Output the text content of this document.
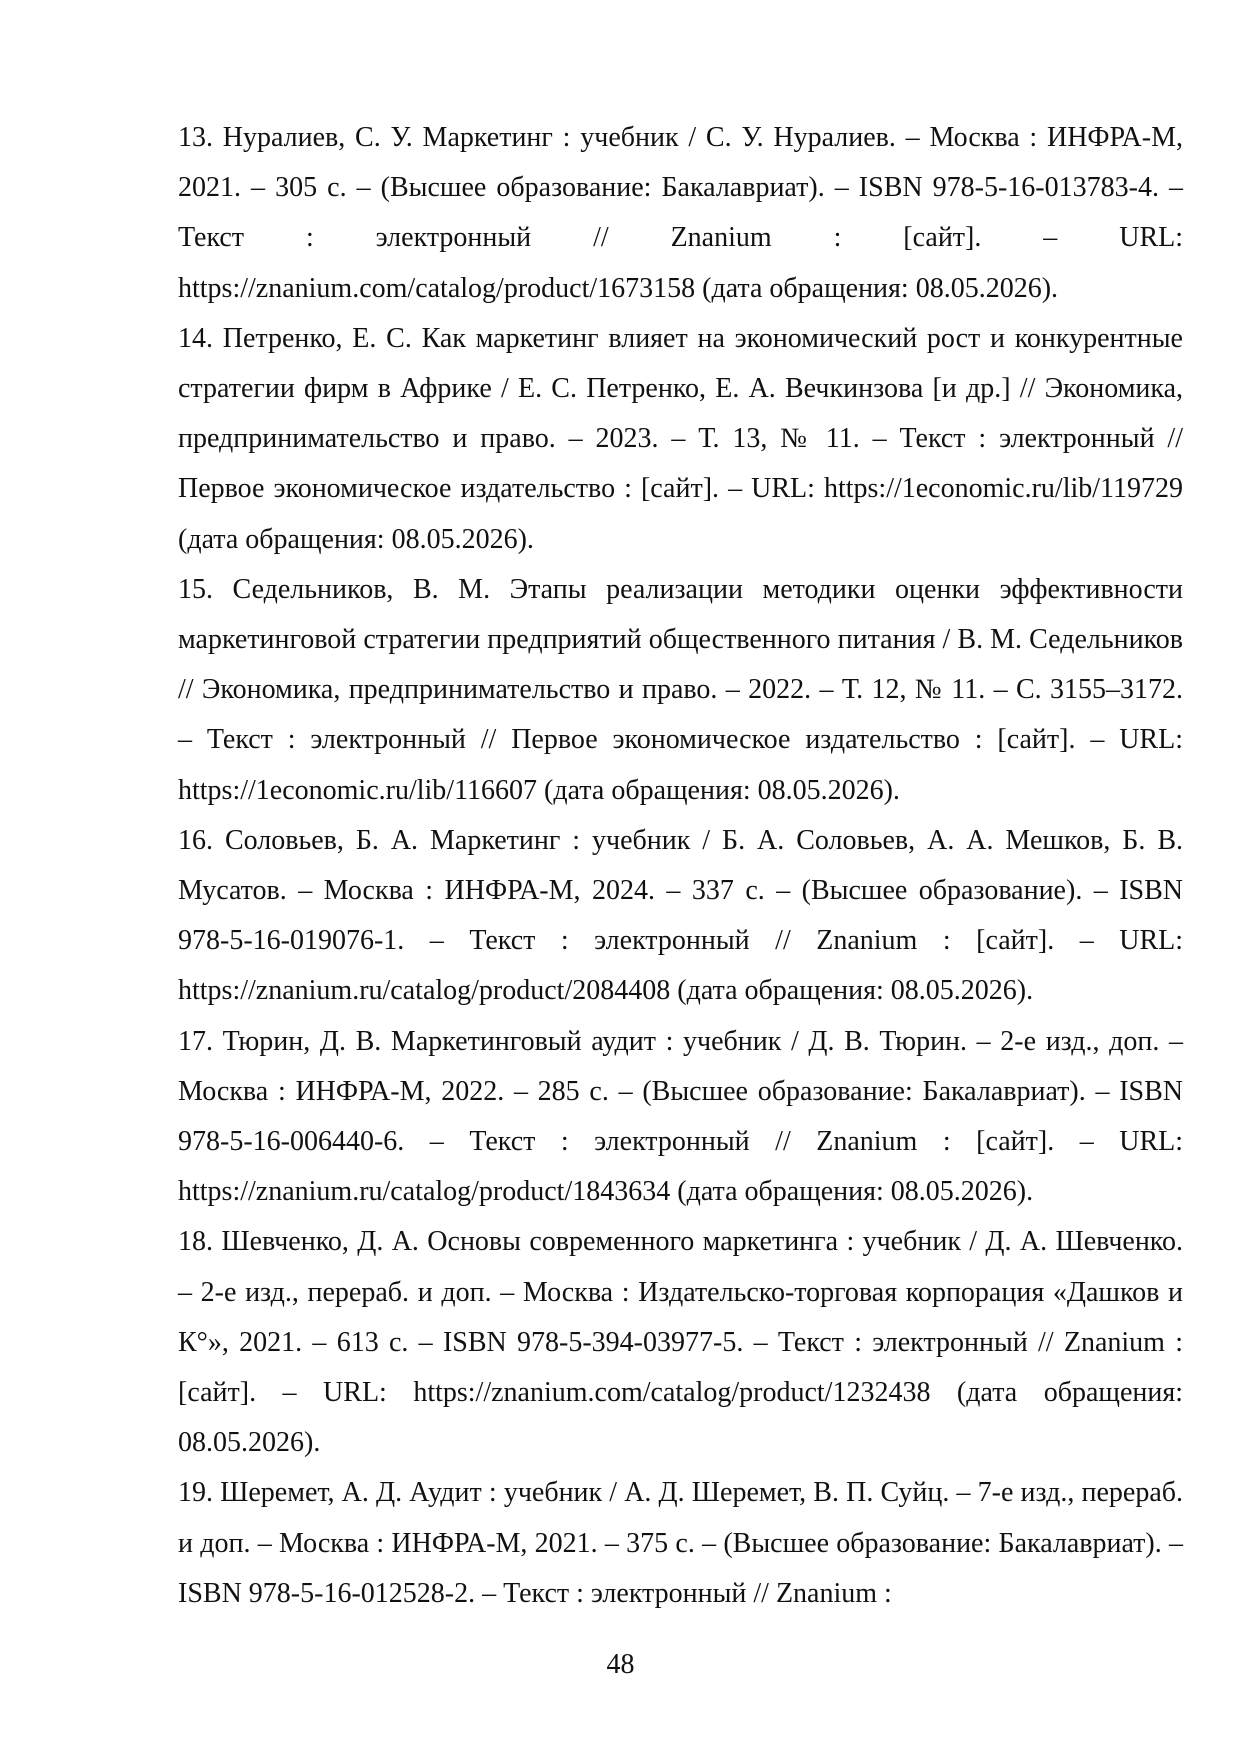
13. Нуралиев, С. У. Маркетинг : учебник / С. У. Нуралиев. – Москва : ИНФРА-М, 2021. – 305 с. – (Высшее образование: Бакалавриат). – ISBN 978-5-16-013783-4. – Текст : электронный // Znanium : [сайт]. – URL: https://znanium.com/catalog/product/1673158 (дата обращения: 08.05.2026).

14. Петренко, Е. С. Как маркетинг влияет на экономический рост и конкурентные стратегии фирм в Африке / Е. С. Петренко, Е. А. Вечкинзова [и др.] // Экономика, предпринимательство и право. – 2023. – Т. 13, № 11. – Текст : электронный // Первое экономическое издательство : [сайт]. – URL: https://1economic.ru/lib/119729 (дата обращения: 08.05.2026).

15. Седельников, В. М. Этапы реализации методики оценки эффективности маркетинговой стратегии предприятий общественного питания / В. М. Седельников // Экономика, предпринимательство и право. – 2022. – Т. 12, № 11. – С. 3155–3172. – Текст : электронный // Первое экономическое издательство : [сайт]. – URL: https://1economic.ru/lib/116607 (дата обращения: 08.05.2026).

16. Соловьев, Б. А. Маркетинг : учебник / Б. А. Соловьев, А. А. Мешков, Б. В. Мусатов. – Москва : ИНФРА-М, 2024. – 337 с. – (Высшее образование). – ISBN 978-5-16-019076-1. – Текст : электронный // Znanium : [сайт]. – URL: https://znanium.ru/catalog/product/2084408 (дата обращения: 08.05.2026).

17. Тюрин, Д. В. Маркетинговый аудит : учебник / Д. В. Тюрин. – 2-е изд., доп. – Москва : ИНФРА-М, 2022. – 285 с. – (Высшее образование: Бакалавриат). – ISBN 978-5-16-006440-6. – Текст : электронный // Znanium : [сайт]. – URL: https://znanium.ru/catalog/product/1843634 (дата обращения: 08.05.2026).

18. Шевченко, Д. А. Основы современного маркетинга : учебник / Д. А. Шевченко. – 2-е изд., перераб. и доп. – Москва : Издательско-торговая корпорация «Дашков и К°», 2021. – 613 с. – ISBN 978-5-394-03977-5. – Текст : электронный // Znanium : [сайт]. – URL: https://znanium.com/catalog/product/1232438 (дата обращения: 08.05.2026).

19. Шеремет, А. Д. Аудит : учебник / А. Д. Шеремет, В. П. Суйц. – 7-е изд., перераб. и доп. – Москва : ИНФРА-М, 2021. – 375 с. – (Высшее образование: Бакалавриат). – ISBN 978-5-16-012528-2. – Текст : электронный // Znanium :

48
